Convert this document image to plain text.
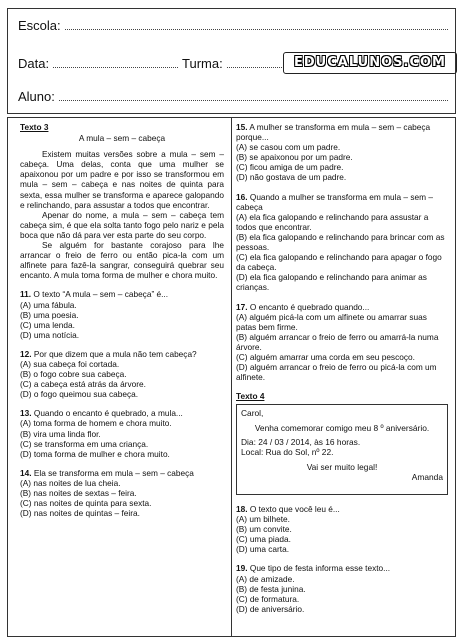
Escola:
Data:	Turma:	EDUCALUNOS.COM
Aluno:
Texto 3
A mula – sem – cabeça

Existem muitas versões sobre a mula – sem – cabeça. Uma delas, conta que uma mulher se apaixonou por um padre e por isso se transformou em mula – sem – cabeça e nas noites de quinta para sexta, essa mulher se transforma e aparece galopando e relinchando, para assustar a todos que encontrar.

Apenar do nome, a mula – sem – cabeça tem cabeça sim, é que ela solta tanto fogo pelo nariz e pela boca que não dá para ver esta parte do seu corpo.

Se alguém for bastante corajoso para lhe arrancar o freio de ferro ou então pica-la com um alfinete para fazê-la sangrar, conseguirá quebrar seu encanto. A mula toma forma de mulher e chora muito.

11. O texto “A mula – sem – cabeça” é...

(A) uma fábula.

(B) uma poesia.

(C) uma lenda.

(D) uma notícia.

12. Por que dizem que a mula não tem cabeça?

(A) sua cabeça foi cortada.

(B) o fogo cobre sua cabeça.

(C) a cabeça está atrás da árvore.

(D) o fogo queimou sua cabeça.

13. Quando o encanto é quebrado, a mula...

(A) toma forma de homem e chora muito.

(B) vira uma linda flor.

(C) se transforma em uma criança.

(D) toma forma de mulher e chora muito.

14. Ela se transforma em mula – sem – cabeça

(A) nas noites de lua cheia.

(B) nas noites de sextas – feira.

(C) nas noites de quinta para sexta.

(D) nas noites de quintas – feira.

15. A mulher se transforma em mula – sem – cabeça porque...

(A) se casou com um padre.

(B) se apaixonou por um padre.

(C) ficou amiga de um padre.

(D) não gostava de um padre.

16. Quando a mulher se transforma em mula – sem – cabeça

(A) ela fica galopando e relinchando para assustar a todos que encontrar.

(B) ela fica galopando e relinchando para brincar com as pessoas.

(C) ela fica galopando e relinchando para apagar o fogo da cabeça.

(D) ela fica galopando e relinchando para animar as crianças.

17. O encanto é quebrado quando...

(A) alguém picá-la com um alfinete ou amarrar suas patas bem firme.

(B) alguém arrancar o freio de ferro ou amarrá-la numa árvore.

(C) alguém amarrar uma corda em seu pescoço.

(D) alguém arrancar o freio de ferro ou picá-la com um alfinete.

Texto 4

Carol,

Venha comemorar comigo meu 8 º aniversário.

Dia: 24 / 03 / 2014, às 16 horas.

Local: Rua do Sol, nº 22.

Vai ser muito legal!

Amanda

18. O texto que você leu é...

(A) um bilhete.

(B) um convite.

(C) uma piada.

(D) uma carta.

19. Que tipo de festa informa esse texto...

(A) de amizade.

(B) de festa junina.

(C) de formatura.

(D) de aniversário.
